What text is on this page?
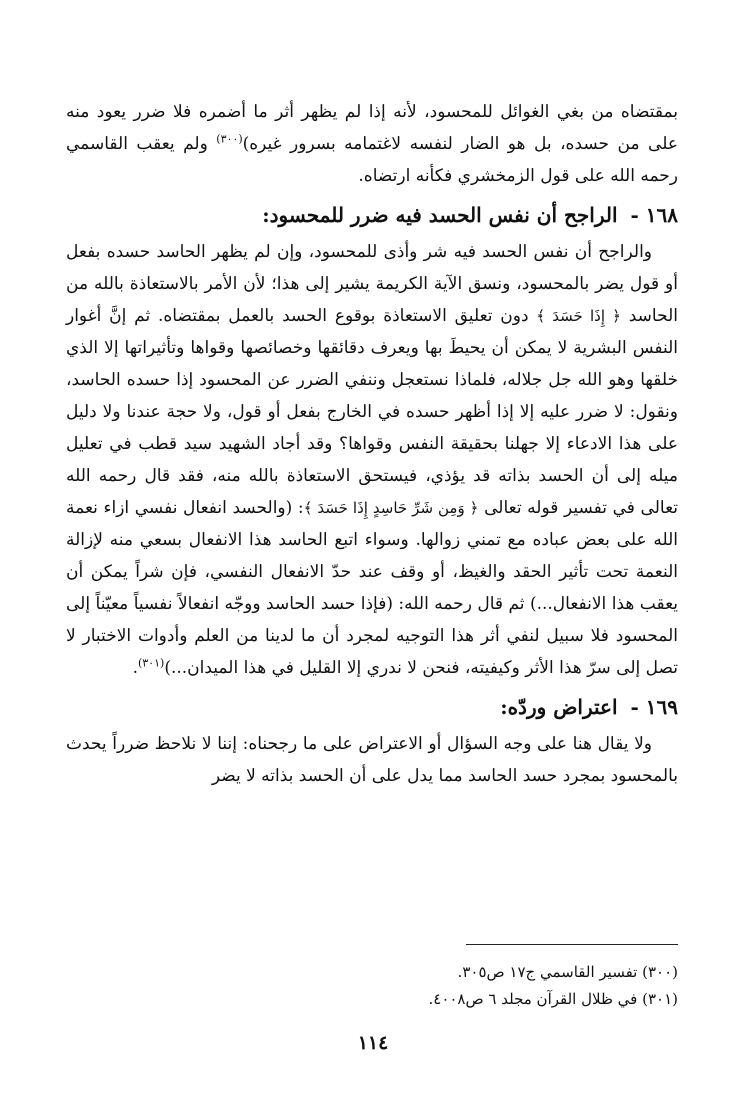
بمقتضاه من بغي الغوائل للمحسود، لأنه إذا لم يظهر أثر ما أضمره فلا ضرر يعود منه على من حسده، بل هو الضار لنفسه لاغتمامه بسرور غيره)$^{(٣٠٠)}$ ولم يعقب القاسمي رحمه الله على قول الزمخشري فكأنه ارتضاه.

١٦٨ - الراجح أن نفس الحسد فيه ضرر للمحسود:

والراجح أن نفس الحسد فيه شر وأذى للمحسود، وإن لم يظهر الحاسد حسده بفعل أو قول يضر بالمحسود، ونسق الآية الكريمة يشير إلى هذا؛ لأن الأمر بالاستعاذة بالله من الحاسد ﴿ إِذَا حَسَدَ ﴾ دون تعليق الاستعاذة بوقوع الحسد بالعمل بمقتضاه. ثم إنَّ أغوار النفس البشرية لا يمكن أن يحيطَ بها ويعرف دقائقها وخصائصها وقواها وتأثيراتها إلا الذي خلقها وهو الله جل جلاله، فلماذا نستعجل وننفي الضرر عن المحسود إذا حسده الحاسد، ونقول: لا ضرر عليه إلا إذا أظهر حسده في الخارج بفعل أو قول، ولا حجة عندنا ولا دليل على هذا الادعاء إلا جهلنا بحقيقة النفس وقواها؟ وقد أجاد الشهيد سيد قطب في تعليل ميله إلى أن الحسد بذاته قد يؤذي، فيستحق الاستعاذة بالله منه، فقد قال رحمه الله تعالى في تفسير قوله تعالى ﴿ وَمِن شَرِّ حَاسِدٍ إِذَا حَسَدَ ﴾: (والحسد انفعال نفسي ازاء نعمة الله على بعض عباده مع تمني زوالها. وسواء اتبع الحاسد هذا الانفعال بسعي منه لإزالة النعمة تحت تأثير الحقد والغيظ، أو وقف عند حدّ الانفعال النفسي، فإن شراً يمكن أن يعقب هذا الانفعال...) ثم قال رحمه الله: (فإذا حسد الحاسد ووجّه انفعالاً نفسياً معيّناً إلى المحسود فلا سبيل لنفي أثر هذا التوجيه لمجرد أن ما لدينا من العلم وأدوات الاختبار لا تصل إلى سرّ هذا الأثر وكيفيته، فنحن لا ندري إلا القليل في هذا الميدان...)$^{(٣٠١)}$.

١٦٩ - اعتراض وردّه:

ولا يقال هنا على وجه السؤال أو الاعتراض على ما رجحناه: إننا لا نلاحظ ضرراً يحدث بالمحسود بمجرد حسد الحاسد مما يدل على أن الحسد بذاته لا يضر

(٣٠٠) تفسير القاسمي ج١٧ ص٣٠٥.

(٣٠١) في ظلال القرآن مجلد ٦ ص٤٠٠٨.

١١٤
